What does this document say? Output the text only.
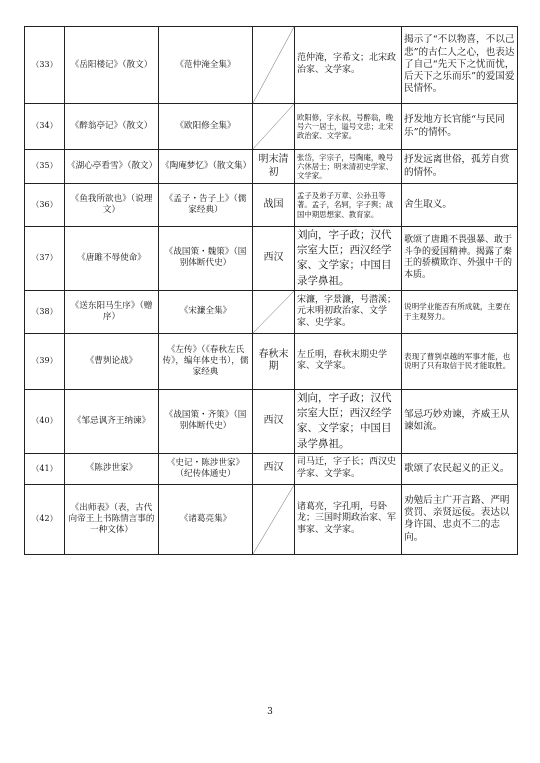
（33）	《岳阳楼记》（散文）	《范仲淹全集》		范仲淹，字希文；北宋政治家、文学家。	揭示了“不以物喜，不以己悲”的古仁人之心，也表达了自己“先天下之忧而忧，后天下之乐而乐”的爱国爱民情怀。
（34）	《醉翁亭记》（散文）	《欧阳修全集》		欧阳修，字永叔，号醉翁，晚号六一居士，谥号文忠；北宋政治家、文学家。	抒发地方长官能“与民同乐”的情怀。
（35）	《湖心亭看雪》（散文）	《陶庵梦忆》（散文集）	明末清初	张岱，字宗子，号陶庵，晚号六休居士；明末清初史学家、文学家。	抒发远离世俗，孤芳自赏的情怀。
（36）	《鱼我所欲也》（说理文）	《孟子・告子上》（儒家经典）	战国	孟子及弟子万章、公孙丑等著。孟子，名轲，字子舆；战国中期思想家、教育家。	舍生取义。
（37）	《唐雎不辱使命》	《战国策・魏策》（国别体断代史）	西汉	刘向，字子政；汉代宗室大臣；西汉经学家、文学家；中国目录学鼻祖。	歌颂了唐雎不畏强暴、敢于斗争的爱国精神。揭露了秦王的骄横欺诈、外强中干的本质。
（38）	《送东阳马生序》（赠序）	《宋濂全集》		宋濂，字景濂，号潜溪；元末明初政治家、文学家、史学家。	说明学业能否有所成就，主要在于主观努力。
（39）	《曹刿论战》	《左传》（《春秋左氏传》，编年体史书），儒家经典	春秋末期	左丘明，春秋末期史学家、文学家。	表现了曹刿卓越的军事才能，也说明了只有取信于民才能取胜。
（40）	《邹忌讽齐王纳谏》	《战国策・齐策》（国别体断代史）	西汉	刘向，字子政；汉代宗室大臣；西汉经学家、文学家；中国目录学鼻祖。	邹忌巧妙劝谏，齐威王从谏如流。
（41）	《陈涉世家》	《史记・陈涉世家》（纪传体通史）	西汉	司马迁，字子长；西汉史学家、文学家。	歌颂了农民起义的正义。
（42）	《出师表》（表，古代向帝王上书陈情言事的一种文体）	《诸葛亮集》		诸葛亮，字孔明，号卧龙；三国时期政治家、军事家、文学家。	劝勉后主广开言路、严明赏罚、亲贤远佞。表达以身许国、忠贞不二的志向。
3
